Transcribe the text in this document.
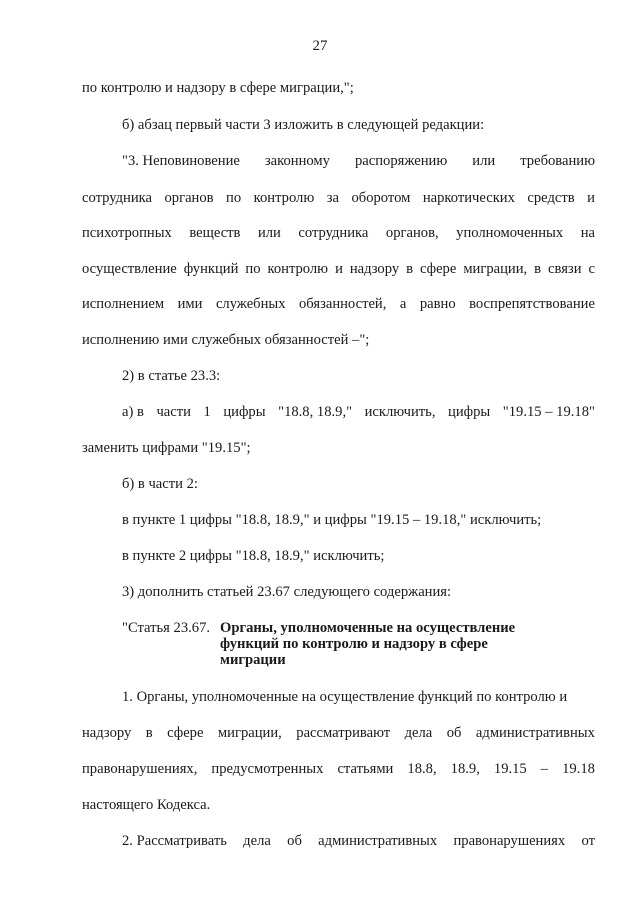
27
по контролю и надзору в сфере миграции,";
б) абзац первый части 3 изложить в следующей редакции:
"3. Неповиновение законному распоряжению или требованию
сотрудника органов по контролю за оборотом наркотических средств и
психотропных веществ или сотрудника органов, уполномоченных на
осуществление функций по контролю и надзору в сфере миграции, в связи с
исполнением ими служебных обязанностей, а равно воспрепятствование
исполнению ими служебных обязанностей –";
2) в статье 23.3:
а) в части 1 цифры "18.8, 18.9," исключить, цифры "19.15 – 19.18"
заменить цифрами "19.15";
б) в части 2:
в пункте 1 цифры "18.8, 18.9," и цифры "19.15 – 19.18," исключить;
в пункте 2 цифры "18.8, 18.9," исключить;
3) дополнить статьей 23.67 следующего содержания:
"Статья 23.67. Органы, уполномоченные на осуществление
функций по контролю и надзору в сфере
миграции
1. Органы, уполномоченные на осуществление функций по контролю и
надзору в сфере миграции, рассматривают дела об административных
правонарушениях, предусмотренных статьями 18.8, 18.9, 19.15 – 19.18
настоящего Кодекса.
2. Рассматривать дела об административных правонарушениях от
